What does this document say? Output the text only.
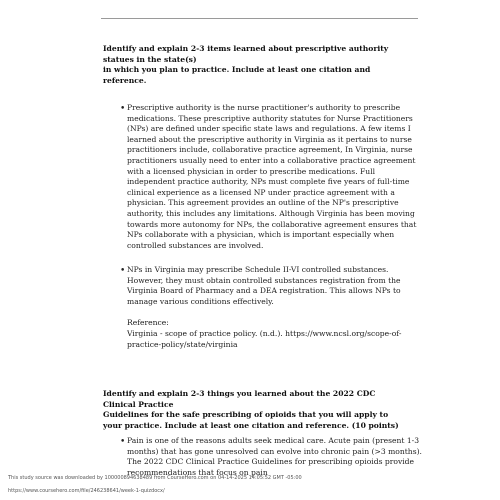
Identify and explain 2-3 items learned about prescriptive authority statues in the state(s)
in which you plan to practice. Include at least one citation and reference.
• Prescriptive authority is the nurse practitioner's authority to prescribe medications. These prescriptive authority statutes for Nurse Practitioners (NPs) are defined under specific state laws and regulations. A few items I learned about the prescriptive authority in Virginia as it pertains to nurse practitioners include, collaborative practice agreement, In Virginia, nurse practitioners usually need to enter into a collaborative practice agreement with a licensed physician in order to prescribe medications. Full independent practice authority, NPs must complete five years of full-time clinical experience as a licensed NP under practice agreement with a physician. This agreement provides an outline of the NP's prescriptive authority, this includes any limitations. Although Virginia has been moving towards more autonomy for NPs, the collaborative agreement ensures that NPs collaborate with a physician, which is important especially when controlled substances are involved.
• NPs in Virginia may prescribe Schedule II-VI controlled substances. However, they must obtain controlled substances registration from the Virginia Board of Pharmacy and a DEA registration. This allows NPs to manage various conditions effectively.
Reference:
Virginia - scope of practice policy. (n.d.). https://www.ncsl.org/scope-of-practice-policy/state/virginia
Identify and explain 2-3 things you learned about the 2022 CDC Clinical Practice
Guidelines for the safe prescribing of opioids that you will apply to your practice. Include at least one citation and reference. (10 points)
• Pain is one of the reasons adults seek medical care. Acute pain (present 1-3 months) that has gone unresolved can evolve into chronic pain (>3 months). The 2022 CDC Clinical Practice Guidelines for prescribing opioids provide recommendations that focus on pain
This study source was downloaded by 100000894638489 from CourseHero.com on 04-14-2025 14:05:52 GMT -05:00
https://www.coursehero.com/file/246238641/week-1-quizdocx/
